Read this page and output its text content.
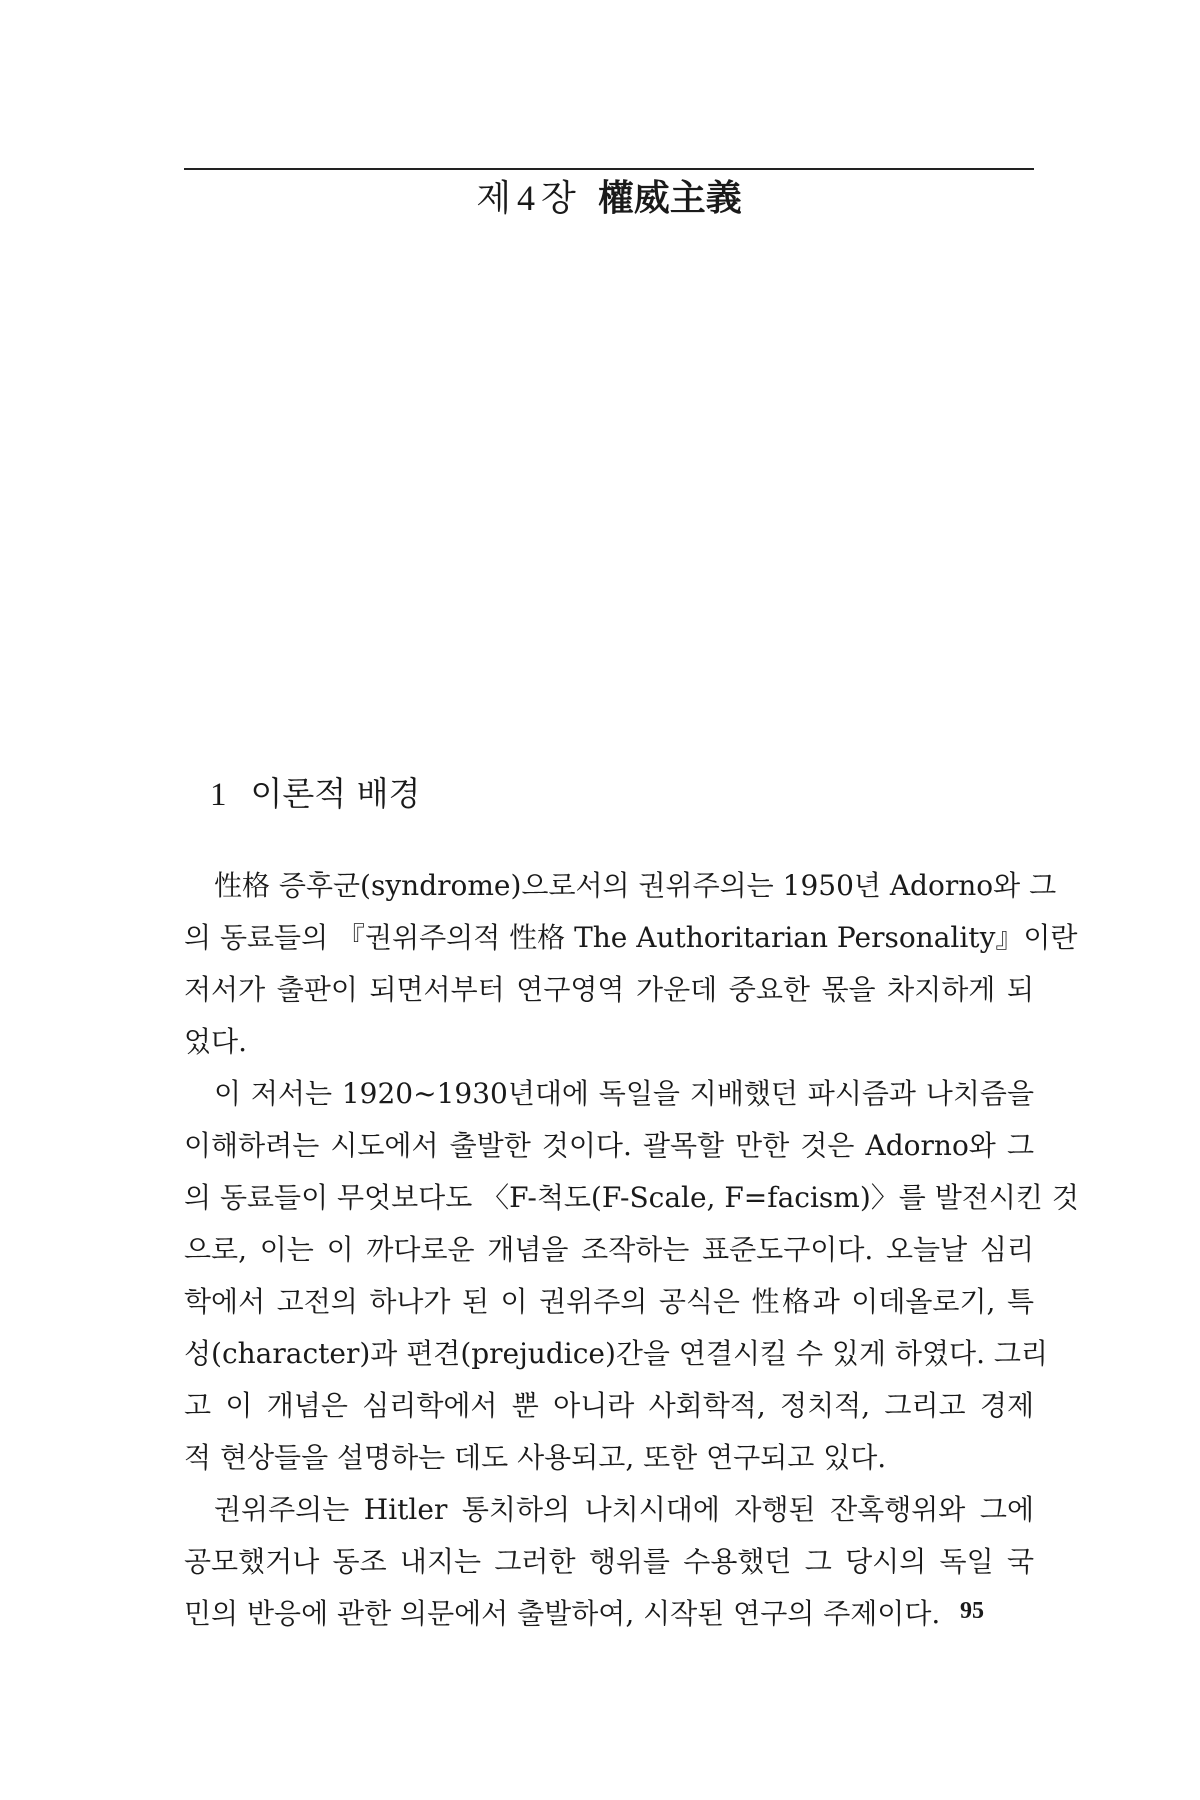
제 4 장 權威主義
1 이론적 배경
性格 증후군(syndrome)으로서의 권위주의는 1950년 Adorno와 그
의 동료들의 『권위주의적 性格 The Authoritarian Personality』이란
저서가 출판이 되면서부터 연구영역 가운데 중요한 몫을 차지하게 되
었다.
이 저서는 1920~1930년대에 독일을 지배했던 파시즘과 나치즘을
이해하려는 시도에서 출발한 것이다. 괄목할 만한 것은 Adorno와 그
의 동료들이 무엇보다도 〈F-척도(F-Scale, F=facism)〉를 발전시킨 것
으로, 이는 이 까다로운 개념을 조작하는 표준도구이다. 오늘날 심리
학에서 고전의 하나가 된 이 권위주의 공식은 性格과 이데올로기, 특
성(character)과 편견(prejudice)간을 연결시킬 수 있게 하였다. 그리
고 이 개념은 심리학에서 뿐 아니라 사회학적, 정치적, 그리고 경제
적 현상들을 설명하는 데도 사용되고, 또한 연구되고 있다.
권위주의는 Hitler 통치하의 나치시대에 자행된 잔혹행위와 그에
공모했거나 동조 내지는 그러한 행위를 수용했던 그 당시의 독일 국
민의 반응에 관한 의문에서 출발하여, 시작된 연구의 주제이다. 95
